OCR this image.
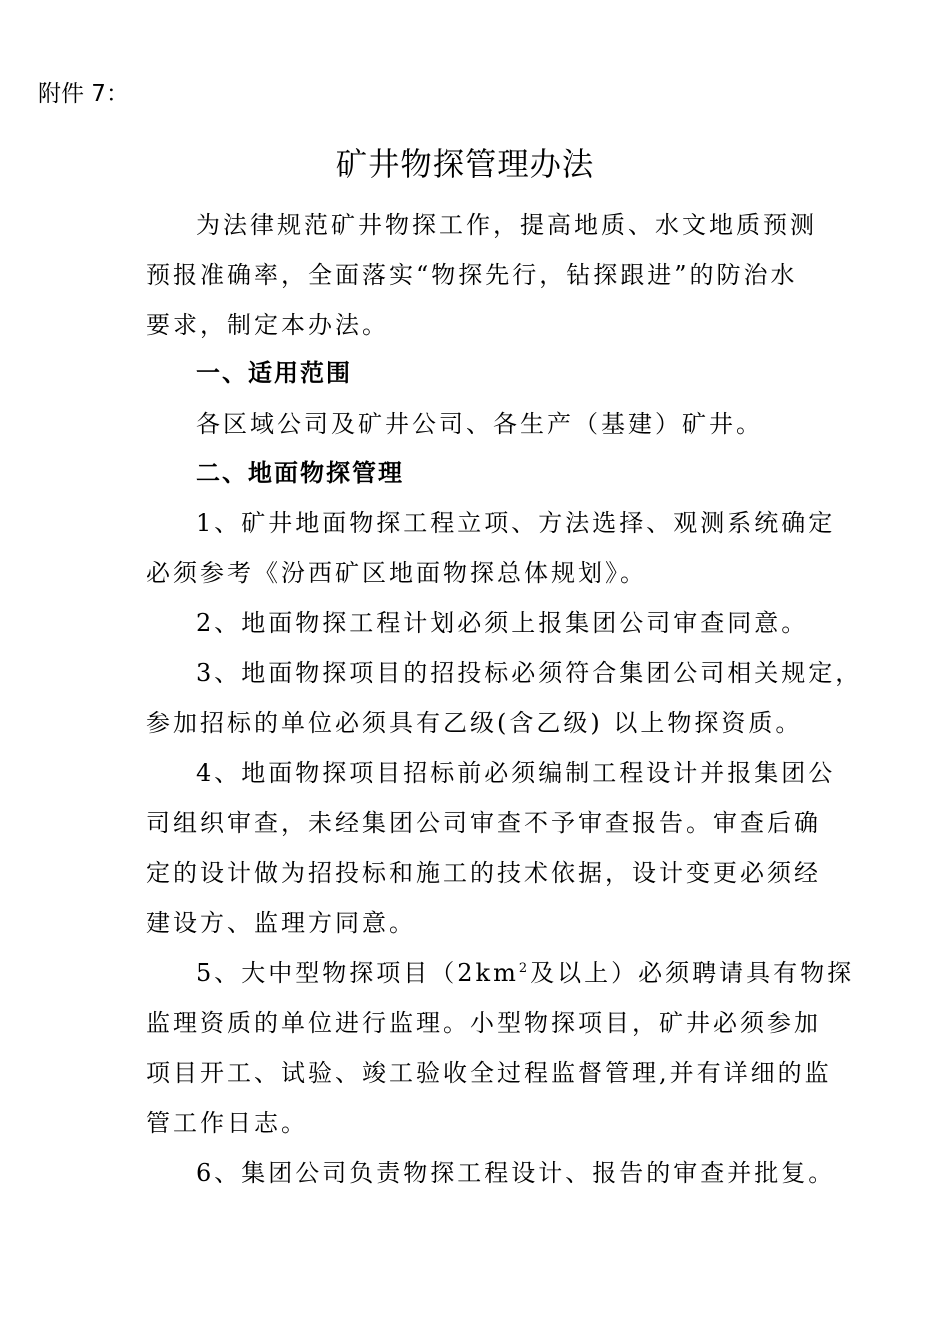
附件 7：
矿井物探管理办法
为法律规范矿井物探工作，提高地质、水文地质预测
预报准确率，全面落实“物探先行，钻探跟进”的防治水
要求，制定本办法。
一、适用范围
各区域公司及矿井公司、各生产（基建）矿井。
二、地面物探管理
1、矿井地面物探工程立项、方法选择、观测系统确定
必须参考《汾西矿区地面物探总体规划》。
2、地面物探工程计划必须上报集团公司审查同意。
3、地面物探项目的招投标必须符合集团公司相关规定，
参加招标的单位必须具有乙级(含乙级) 以上物探资质。
4、地面物探项目招标前必须编制工程设计并报集团公
司组织审查，未经集团公司审查不予审查报告。审查后确
定的设计做为招投标和施工的技术依据，设计变更必须经
建设方、监理方同意。
5、大中型物探项目（$2km^2$及以上）必须聘请具有物探
监理资质的单位进行监理。小型物探项目，矿井必须参加
项目开工、试验、竣工验收全过程监督管理,并有详细的监
管工作日志。
6、集团公司负责物探工程设计、报告的审查并批复。
